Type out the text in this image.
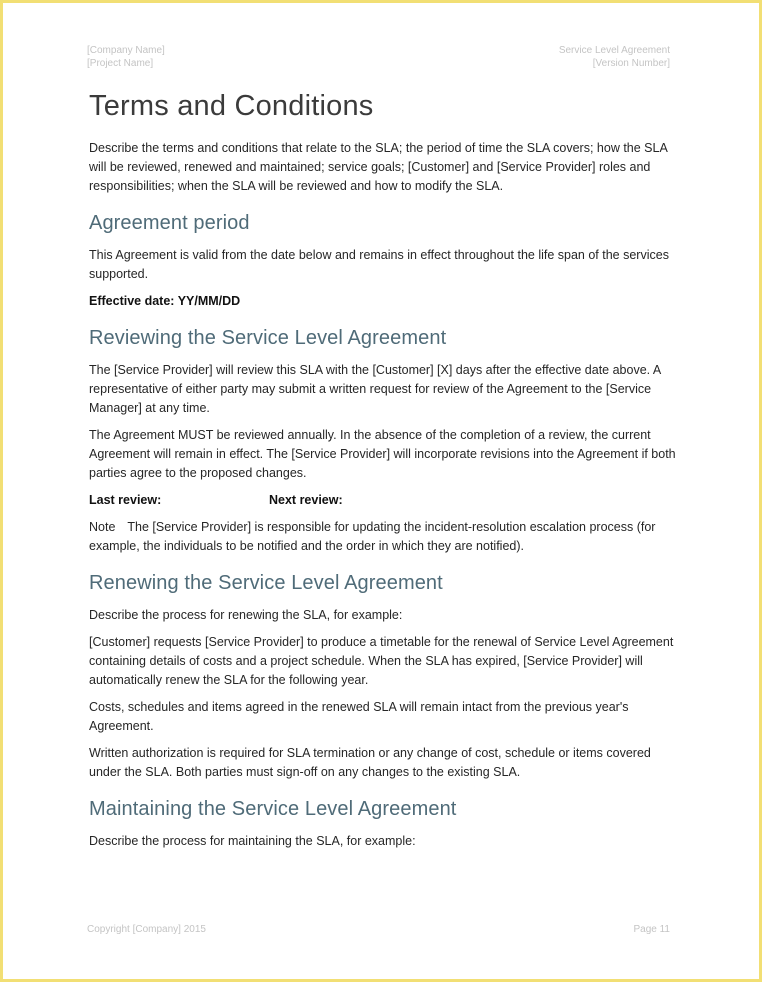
[Company Name]
[Project Name]
Service Level Agreement
[Version Number]
Terms and Conditions

Describe the terms and conditions that relate to the SLA; the period of time the SLA covers; how the SLA will be reviewed, renewed and maintained; service goals; [Customer] and [Service Provider] roles and responsibilities; when the SLA will be reviewed and how to modify the SLA.

Agreement period

This Agreement is valid from the date below and remains in effect throughout the life span of the services supported.

Effective date: YY/MM/DD

Reviewing the Service Level Agreement

The [Service Provider] will review this SLA with the [Customer] [X] days after the effective date above. A representative of either party may submit a written request for review of the Agreement to the [Service Manager] at any time.

The Agreement MUST be reviewed annually. In the absence of the completion of a review, the current Agreement will remain in effect. The [Service Provider] will incorporate revisions into the Agreement if both parties agree to the proposed changes.

Last review:	Next review:

Note The [Service Provider] is responsible for updating the incident-resolution escalation process (for example, the individuals to be notified and the order in which they are notified).

Renewing the Service Level Agreement

Describe the process for renewing the SLA, for example:

[Customer] requests [Service Provider] to produce a timetable for the renewal of Service Level Agreement containing details of costs and a project schedule. When the SLA has expired, [Service Provider] will automatically renew the SLA for the following year.

Costs, schedules and items agreed in the renewed SLA will remain intact from the previous year's Agreement.

Written authorization is required for SLA termination or any change of cost, schedule or items covered under the SLA. Both parties must sign-off on any changes to the existing SLA.

Maintaining the Service Level Agreement

Describe the process for maintaining the SLA, for example:

Copyright [Company] 2015	Page 11
